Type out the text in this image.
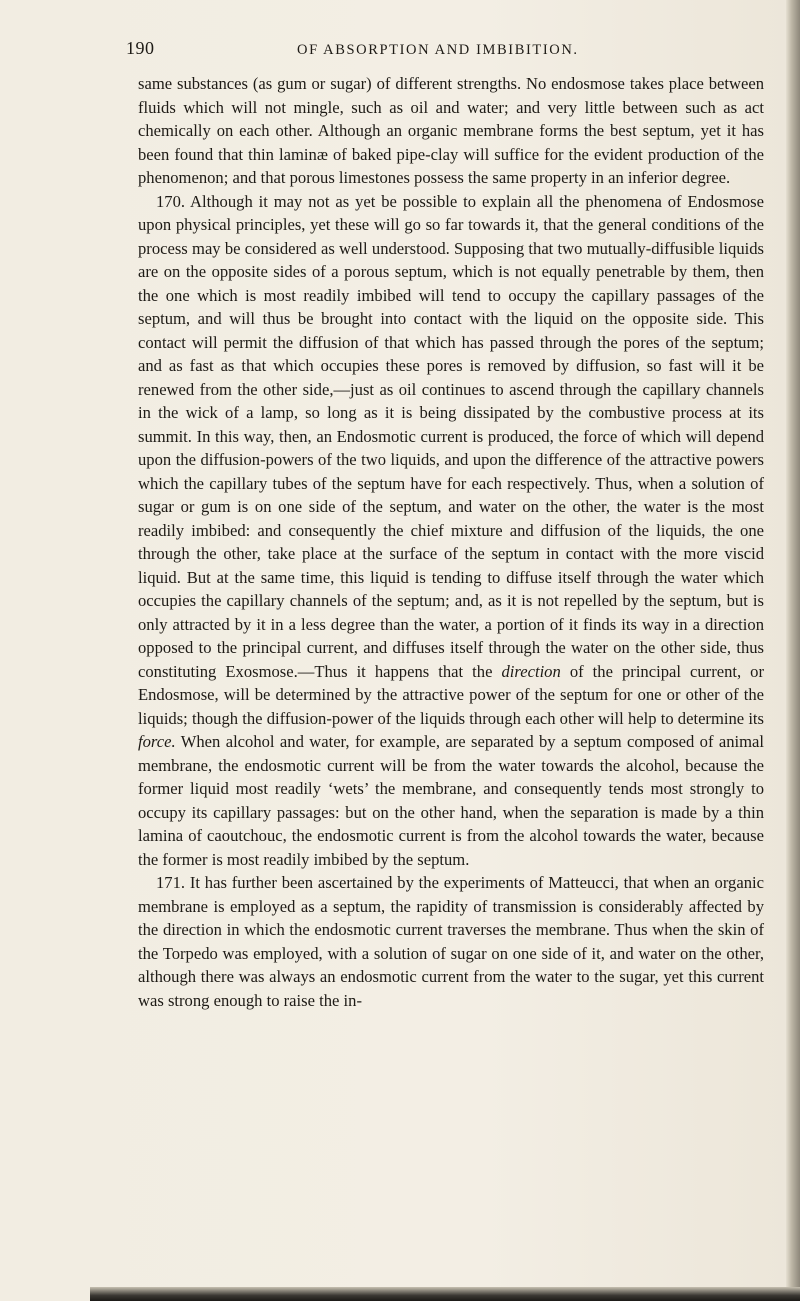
190	OF ABSORPTION AND IMBIBITION.

same substances (as gum or sugar) of different strengths. No endosmose takes place between fluids which will not mingle, such as oil and water; and very little between such as act chemically on each other. Although an organic membrane forms the best septum, yet it has been found that thin laminæ of baked pipe-clay will suffice for the evident production of the phenomenon; and that porous limestones possess the same property in an inferior degree.

170. Although it may not as yet be possible to explain all the phenomena of Endosmose upon physical principles, yet these will go so far towards it, that the general conditions of the process may be considered as well understood. Supposing that two mutually-diffusible liquids are on the opposite sides of a porous septum, which is not equally penetrable by them, then the one which is most readily imbibed will tend to occupy the capillary passages of the septum, and will thus be brought into contact with the liquid on the opposite side. This contact will permit the diffusion of that which has passed through the pores of the septum; and as fast as that which occupies these pores is removed by diffusion, so fast will it be renewed from the other side,—just as oil continues to ascend through the capillary channels in the wick of a lamp, so long as it is being dissipated by the combustive process at its summit. In this way, then, an Endosmotic current is produced, the force of which will depend upon the diffusion-powers of the two liquids, and upon the difference of the attractive powers which the capillary tubes of the septum have for each respectively. Thus, when a solution of sugar or gum is on one side of the septum, and water on the other, the water is the most readily imbibed: and consequently the chief mixture and diffusion of the liquids, the one through the other, take place at the surface of the septum in contact with the more viscid liquid. But at the same time, this liquid is tending to diffuse itself through the water which occupies the capillary channels of the septum; and, as it is not repelled by the septum, but is only attracted by it in a less degree than the water, a portion of it finds its way in a direction opposed to the principal current, and diffuses itself through the water on the other side, thus constituting Exosmose.—Thus it happens that the direction of the principal current, or Endosmose, will be determined by the attractive power of the septum for one or other of the liquids; though the diffusion-power of the liquids through each other will help to determine its force. When alcohol and water, for example, are separated by a septum composed of animal membrane, the endosmotic current will be from the water towards the alcohol, because the former liquid most readily ‘wets’ the membrane, and consequently tends most strongly to occupy its capillary passages: but on the other hand, when the separation is made by a thin lamina of caoutchouc, the endosmotic current is from the alcohol towards the water, because the former is most readily imbibed by the septum.

171. It has further been ascertained by the experiments of Matteucci, that when an organic membrane is employed as a septum, the rapidity of transmission is considerably affected by the direction in which the endosmotic current traverses the membrane. Thus when the skin of the Torpedo was employed, with a solution of sugar on one side of it, and water on the other, although there was always an endosmotic current from the water to the sugar, yet this current was strong enough to raise the in-
